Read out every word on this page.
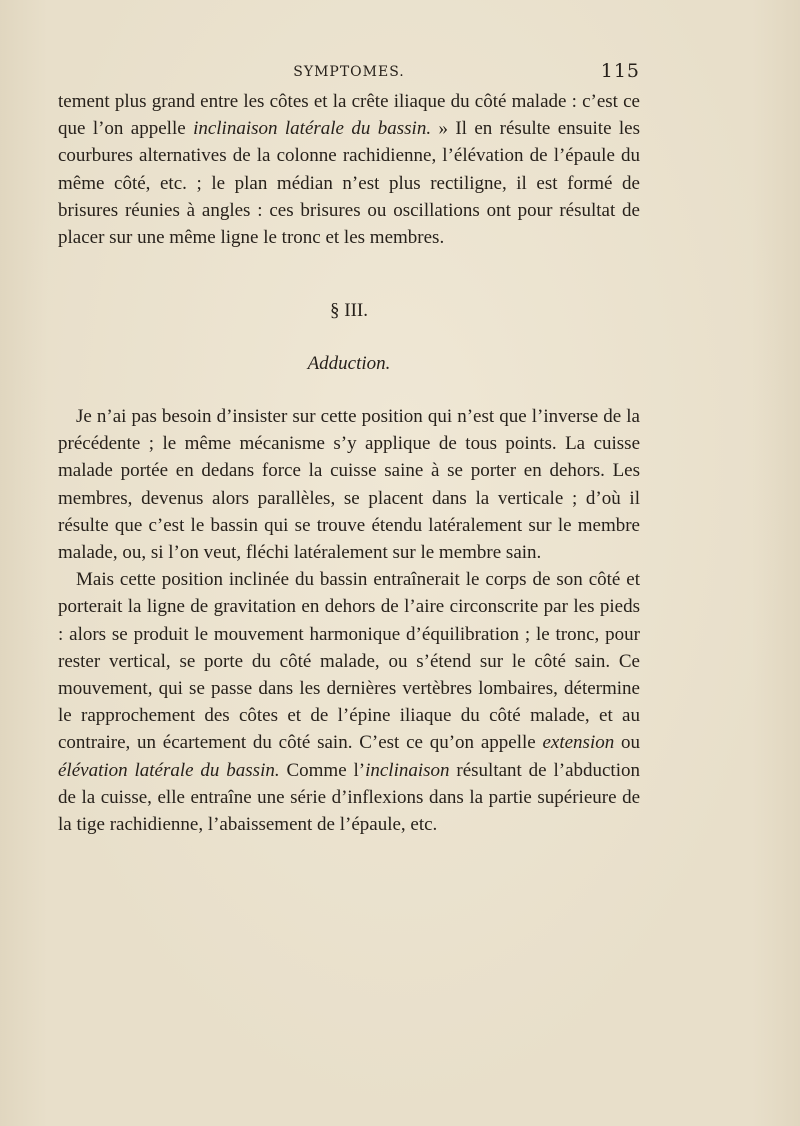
SYMPTOMES.	115

tement plus grand entre les côtes et la crête iliaque du côté malade : c’est ce que l’on appelle inclinaison latérale du bassin. » Il en résulte ensuite les courbures alternatives de la colonne rachidienne, l’élévation de l’épaule du même côté, etc. ; le plan médian n’est plus rectiligne, il est formé de brisures réunies à angles : ces brisures ou oscillations ont pour résultat de placer sur une même ligne le tronc et les membres.

§ III.
Adduction.

Je n’ai pas besoin d’insister sur cette position qui n’est que l’inverse de la précédente ; le même mécanisme s’y applique de tous points. La cuisse malade portée en dedans force la cuisse saine à se porter en dehors. Les membres, devenus alors parallèles, se placent dans la verticale ; d’où il résulte que c’est le bassin qui se trouve étendu latéralement sur le membre malade, ou, si l’on veut, fléchi latéralement sur le membre sain.

Mais cette position inclinée du bassin entraînerait le corps de son côté et porterait la ligne de gravitation en dehors de l’aire circonscrite par les pieds : alors se produit le mouvement harmonique d’équilibration ; le tronc, pour rester vertical, se porte du côté malade, ou s’étend sur le côté sain. Ce mouvement, qui se passe dans les dernières vertèbres lombaires, détermine le rapprochement des côtes et de l’épine iliaque du côté malade, et au contraire, un écartement du côté sain. C’est ce qu’on appelle extension ou élévation latérale du bassin. Comme l’inclinaison résultant de l’abduction de la cuisse, elle entraîne une série d’inflexions dans la partie supérieure de la tige rachidienne, l’abaissement de l’épaule, etc.
